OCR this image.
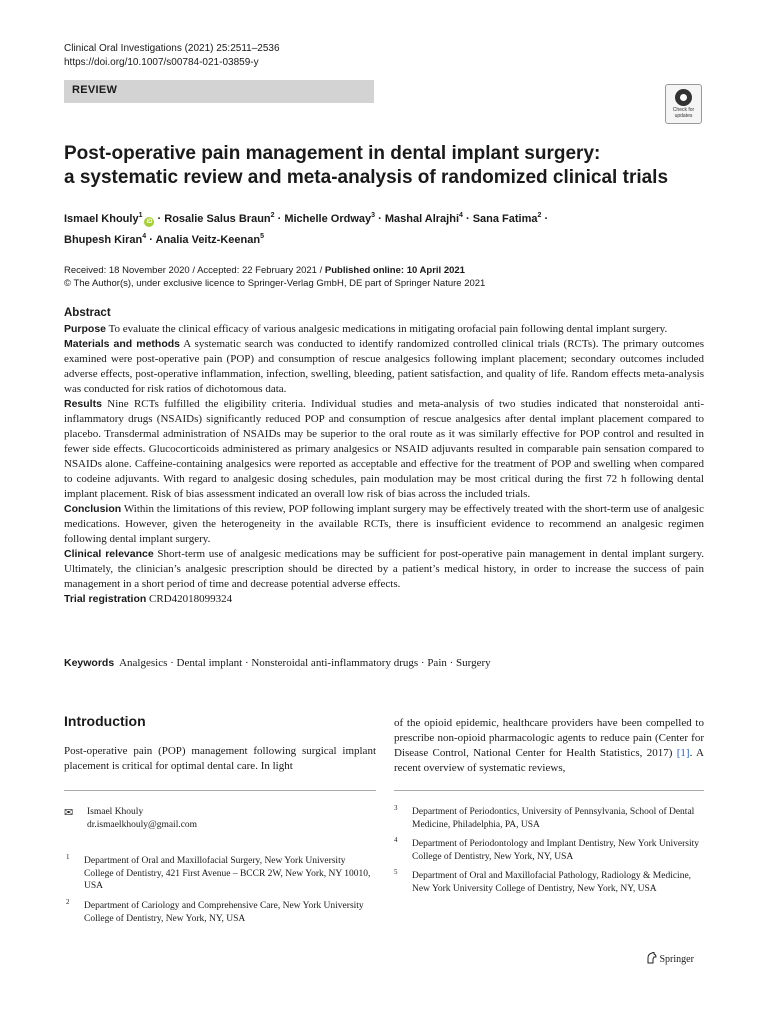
Clinical Oral Investigations (2021) 25:2511–2536
https://doi.org/10.1007/s00784-021-03859-y
REVIEW
Check for updates
Post-operative pain management in dental implant surgery:
a systematic review and meta-analysis of randomized clinical trials
Ismael Khouly$^1$iD · Rosalie Salus Braun$^2$ · Michelle Ordway$^3$ · Mashal Alrajhi$^4$ · Sana Fatima$^2$ ·
Bhupesh Kiran$^4$ · Analia Veitz-Keenan$^5$
Received: 18 November 2020 / Accepted: 22 February 2021 / Published online: 10 April 2021
© The Author(s), under exclusive licence to Springer-Verlag GmbH, DE part of Springer Nature 2021
Abstract

Purpose To evaluate the clinical efficacy of various analgesic medications in mitigating orofacial pain following dental implant surgery.

Materials and methods A systematic search was conducted to identify randomized controlled clinical trials (RCTs). The primary outcomes examined were post-operative pain (POP) and consumption of rescue analgesics following implant placement; secondary outcomes included adverse effects, post-operative inflammation, infection, swelling, bleeding, patient satisfaction, and quality of life. Random effects meta-analysis was conducted for risk ratios of dichotomous data.

Results Nine RCTs fulfilled the eligibility criteria. Individual studies and meta-analysis of two studies indicated that nonsteroidal anti-inflammatory drugs (NSAIDs) significantly reduced POP and consumption of rescue analgesics after dental implant placement compared to placebo. Transdermal administration of NSAIDs may be superior to the oral route as it was similarly effective for POP control and resulted in fewer side effects. Glucocorticoids administered as primary analgesics or NSAID adjuvants resulted in comparable pain sensation compared to NSAIDs alone. Caffeine-containing analgesics were reported as acceptable and effective for the treatment of POP and swelling when compared to codeine adjuvants. With regard to analgesic dosing schedules, pain modulation may be most critical during the first 72 h following dental implant placement. Risk of bias assessment indicated an overall low risk of bias across the included trials.

Conclusion Within the limitations of this review, POP following implant surgery may be effectively treated with the short-term use of analgesic medications. However, given the heterogeneity in the available RCTs, there is insufficient evidence to recommend an analgesic regimen following dental implant surgery.

Clinical relevance Short-term use of analgesic medications may be sufficient for post-operative pain management in dental implant surgery. Ultimately, the clinician’s analgesic prescription should be directed by a patient’s medical history, in order to increase the success of pain management in a short period of time and decrease potential adverse effects.

Trial registration CRD42018099324

Keywords Analgesics · Dental implant · Nonsteroidal anti-inflammatory drugs · Pain · Surgery
Introduction
Post-operative pain (POP) management following surgical implant placement is critical for optimal dental care. In light
of the opioid epidemic, healthcare providers have been compelled to prescribe non-opioid pharmacologic agents to reduce pain (Center for Disease Control, National Center for Health Statistics, 2017) [1]. A recent overview of systematic reviews,
✉ Ismael Khouly
dr.ismaelkhouly@gmail.com
1 Department of Oral and Maxillofacial Surgery, New York University College of Dentistry, 421 First Avenue – BCCR 2W, New York, NY 10010, USA
2 Department of Cariology and Comprehensive Care, New York University College of Dentistry, New York, NY, USA
3 Department of Periodontics, University of Pennsylvania, School of Dental Medicine, Philadelphia, PA, USA
4 Department of Periodontology and Implant Dentistry, New York University College of Dentistry, New York, NY, USA
5 Department of Oral and Maxillofacial Pathology, Radiology & Medicine, New York University College of Dentistry, New York, NY, USA
Springer
